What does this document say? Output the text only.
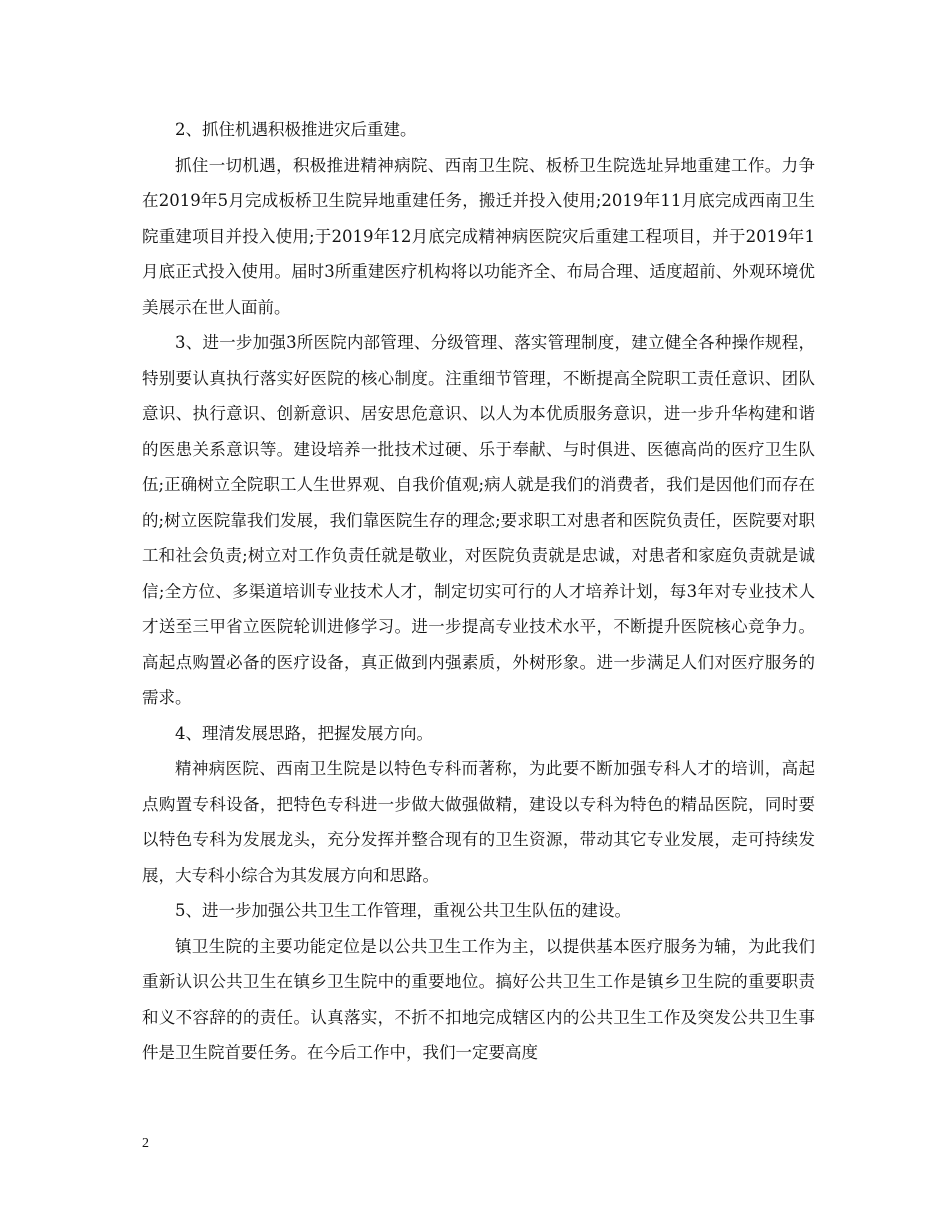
2、抓住机遇积极推进灾后重建。

抓住一切机遇，积极推进精神病院、西南卫生院、板桥卫生院选址异地重建工作。力争在2019年5月完成板桥卫生院异地重建任务，搬迁并投入使用;2019年11月底完成西南卫生院重建项目并投入使用;于2019年12月底完成精神病医院灾后重建工程项目，并于2019年1月底正式投入使用。届时3所重建医疗机构将以功能齐全、布局合理、适度超前、外观环境优美展示在世人面前。

3、进一步加强3所医院内部管理、分级管理、落实管理制度，建立健全各种操作规程，特别要认真执行落实好医院的核心制度。注重细节管理，不断提高全院职工责任意识、团队意识、执行意识、创新意识、居安思危意识、以人为本优质服务意识，进一步升华构建和谐的医患关系意识等。建设培养一批技术过硬、乐于奉献、与时俱进、医德高尚的医疗卫生队伍;正确树立全院职工人生世界观、自我价值观;病人就是我们的消费者，我们是因他们而存在的;树立医院靠我们发展，我们靠医院生存的理念;要求职工对患者和医院负责任，医院要对职工和社会负责;树立对工作负责任就是敬业，对医院负责就是忠诚，对患者和家庭负责就是诚信;全方位、多渠道培训专业技术人才，制定切实可行的人才培养计划，每3年对专业技术人才送至三甲省立医院轮训进修学习。进一步提高专业技术水平，不断提升医院核心竞争力。高起点购置必备的医疗设备，真正做到内强素质，外树形象。进一步满足人们对医疗服务的需求。

4、理清发展思路，把握发展方向。

精神病医院、西南卫生院是以特色专科而著称，为此要不断加强专科人才的培训，高起点购置专科设备，把特色专科进一步做大做强做精，建设以专科为特色的精品医院，同时要以特色专科为发展龙头，充分发挥并整合现有的卫生资源，带动其它专业发展，走可持续发展，大专科小综合为其发展方向和思路。

5、进一步加强公共卫生工作管理，重视公共卫生队伍的建设。

镇卫生院的主要功能定位是以公共卫生工作为主，以提供基本医疗服务为辅，为此我们重新认识公共卫生在镇乡卫生院中的重要地位。搞好公共卫生工作是镇乡卫生院的重要职责和义不容辞的的责任。认真落实，不折不扣地完成辖区内的公共卫生工作及突发公共卫生事件是卫生院首要任务。在今后工作中，我们一定要高度

2
